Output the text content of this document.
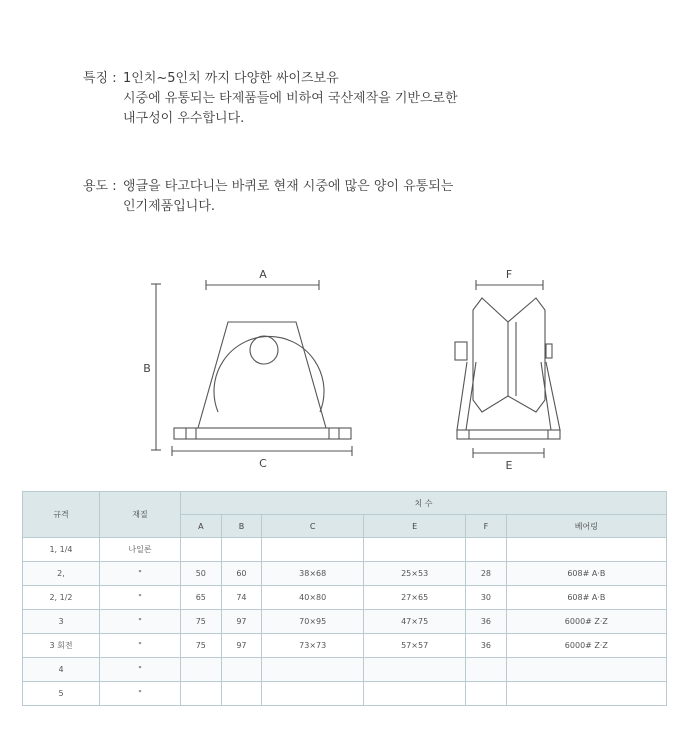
특징 : 1인치~5인치 까지 다양한 싸이즈보유
시중에 유통되는 타제품들에 비하여 국산제작을 기반으로한
내구성이 우수합니다.
용도 : 앵글을 타고다니는 바퀴로 현재 시중에 많은 양이 유통되는
인기제품입니다.
A
B
C
F
E
규격	재질	치 수					
		A	B	C	E	F	베어링
1, 1/4	나일론						
2,	"	50	60	38×68	25×53	28	608# A·B
2, 1/2	"	65	74	40×80	27×65	30	608# A·B
3	"	75	97	70×95	47×75	36	6000# Z·Z
3 회전	"	75	97	73×73	57×57	36	6000# Z·Z
4	"						
5	"						
